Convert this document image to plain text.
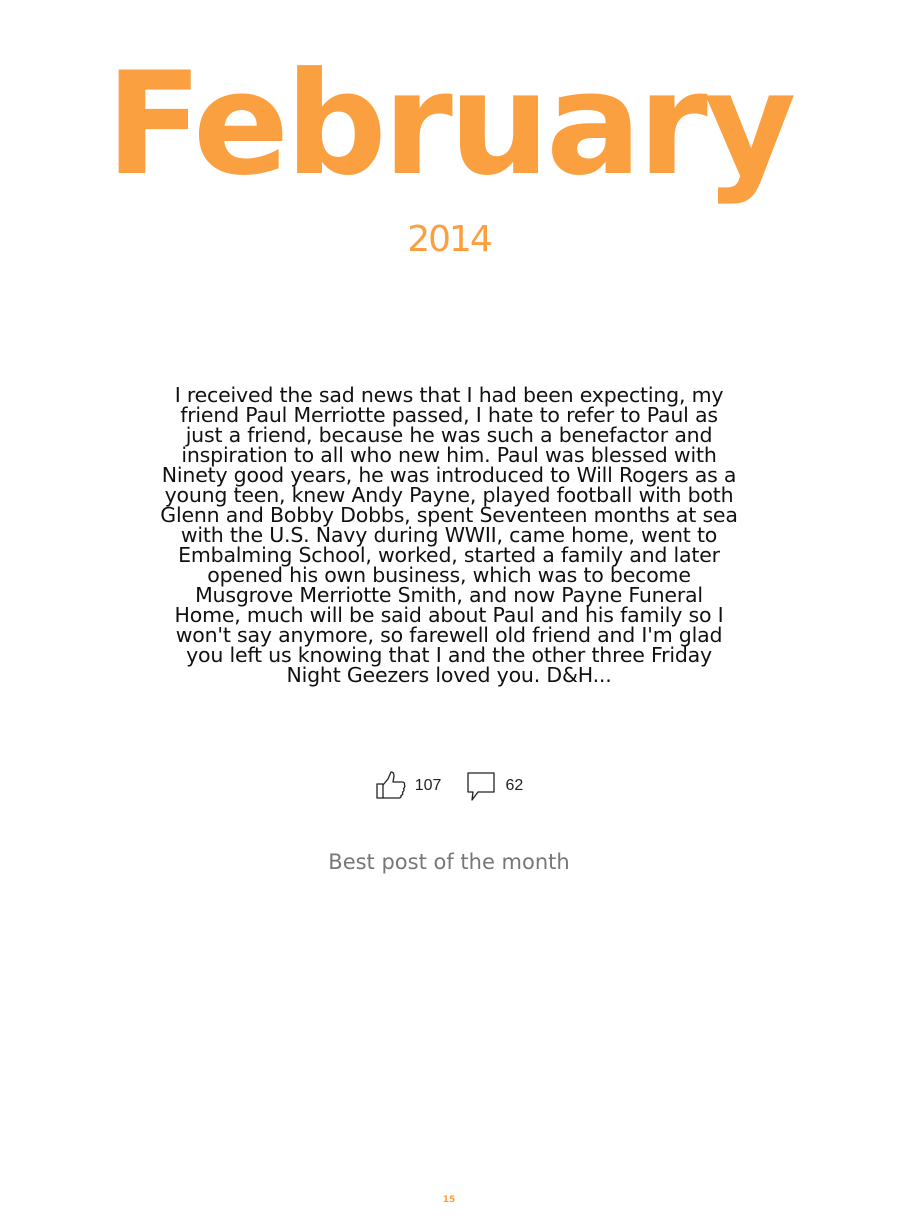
February
2014
I received the sad news that I had been expecting, my friend Paul Merriotte passed, I hate to refer to Paul as just a friend, because he was such a benefactor and inspiration to all who new him. Paul was blessed with Ninety good years, he was introduced to Will Rogers as a young teen, knew Andy Payne, played football with both Glenn and Bobby Dobbs, spent Seventeen months at sea with the U.S. Navy during WWII, came home, went to Embalming School, worked, started a family and later opened his own business, which was to become Musgrove Merriotte Smith, and now Payne Funeral Home, much will be said about Paul and his family so I won't say anymore, so farewell old friend and I'm glad you left us knowing that I and the other three Friday Night Geezers loved you. D&H...
107	62
Best post of the month
15
